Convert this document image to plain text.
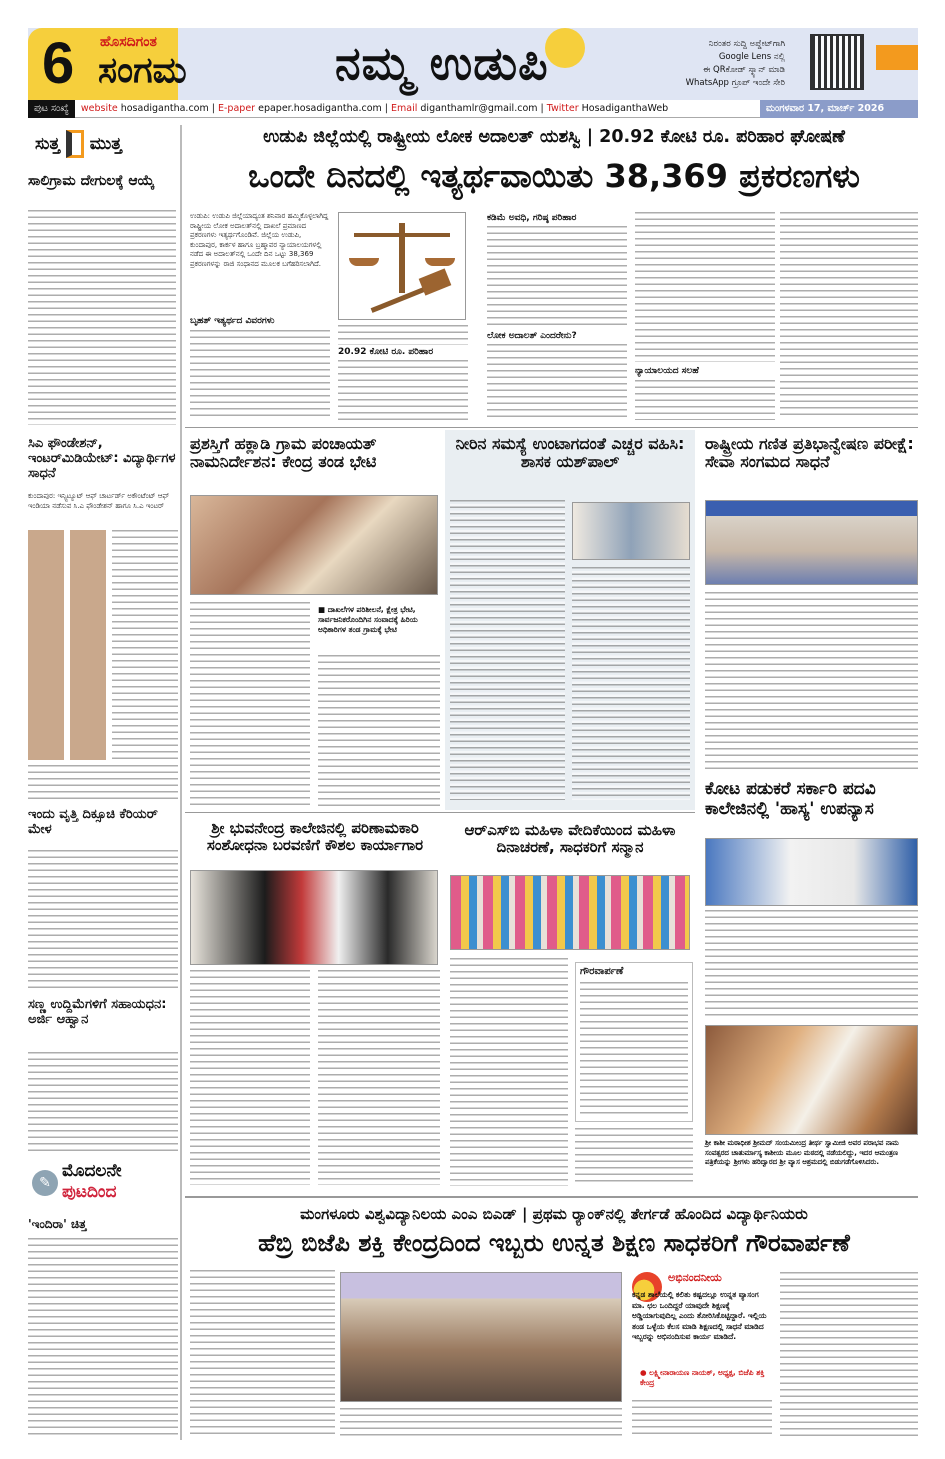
6 ಹೊಸದಿಗಂತ
ಸಂಗಮ	ನಮ್ಮ ಉಡುಪಿ	ನಿರಂತರ ಸುದ್ದಿ ಅಪ್ಡೇಟ್‌ಗಾಗಿ
Google Lens ನಲ್ಲಿ
ಈ QRಕೋಡ್ ಸ್ಕ್ಯಾನ್ ಮಾಡಿ
WhatsApp ಗ್ರೂಪ್ ಇಂದೇ ಸೇರಿ
ಪುಟ ಸಂಖ್ಯೆ website hosadigantha.com | E-paper epaper.hosadigantha.com | Email diganthamlr@gmail.com | Twitter HosadiganthaWeb	ಮಂಗಳವಾರ 17, ಮಾರ್ಚ್ 2026
ಸುತ್ತ ಮುತ್ತ
ಸಾಲಿಗ್ರಾಮ ದೇಗುಲಕ್ಕೆ ಆಯ್ಕೆ
ಸಿಎ ಫೌಂಡೇಶನ್, ಇಂಟರ್‌ಮಿಡಿಯೇಟ್: ವಿದ್ಯಾರ್ಥಿಗಳ ಸಾಧನೆ
ಕುಂದಾಪುರ: ಇನ್ಸ್ಟಿಟ್ಯೂಟ್ ಆಫ್ ಚಾರ್ಟರ್ಡ್ ಅಕೌಂಟೆಂಟ್ ಆಫ್ ಇಂಡಿಯಾ ನಡೆಸುವ ಸಿ.ಎ ಫೌಂಡೇಶನ್ ಹಾಗೂ ಸಿ.ಎ ಇಂಟರ್
ಇಂದು ವೃತ್ತಿ ದಿಕ್ಸೂಚಿ ಕೆರಿಯರ್ ಮೇಳ
ಸಣ್ಣ ಉದ್ದಿಮೆಗಳಿಗೆ ಸಹಾಯಧನ: ಅರ್ಜಿ ಆಹ್ವಾನ
✎
ಮೊದಲನೇ
ಪುಟದಿಂದ
'ಇಂದಿರಾ' ಚಿತ್ತ
ಉಡುಪಿ ಜಿಲ್ಲೆಯಲ್ಲಿ ರಾಷ್ಟ್ರೀಯ ಲೋಕ ಅದಾಲತ್ ಯಶಸ್ವಿ | 20.92 ಕೋಟಿ ರೂ. ಪರಿಹಾರ ಘೋಷಣೆ
ಒಂದೇ ದಿನದಲ್ಲಿ ಇತ್ಯರ್ಥವಾಯಿತು 38,369 ಪ್ರಕರಣಗಳು
ಉಡುಪಿ: ಉಡುಪಿ ಜಿಲ್ಲೆಯಾದ್ಯಂತ ಶನಿವಾರ ಹಮ್ಮಿಕೊಳ್ಳಲಾಗಿದ್ದ ರಾಷ್ಟ್ರೀಯ ಲೋಕ ಅದಾಲತ್‌ನಲ್ಲಿ ದಾಖಲೆ ಪ್ರಮಾಣದ ಪ್ರಕರಣಗಳು ಇತ್ಯರ್ಥಗೊಂಡಿವೆ. ಜಿಲ್ಲೆಯ ಉಡುಪಿ, ಕುಂದಾಪುರ, ಕಾರ್ಕಳ ಹಾಗೂ ಬ್ರಹ್ಮಾವರ ನ್ಯಾಯಾಲಯಗಳಲ್ಲಿ ನಡೆದ ಈ ಅದಾಲತ್‌ನಲ್ಲಿ ಒಂದೇ ದಿನ ಒಟ್ಟು 38,369 ಪ್ರಕರಣಗಳನ್ನು ರಾಜಿ ಸಂಧಾನದ ಮೂಲಕ ಬಗೆಹರಿಸಲಾಗಿದೆ.
ಬೃಹತ್ ಇತ್ಯರ್ಥದ ವಿವರಗಳು
20.92 ಕೋಟಿ ರೂ. ಪರಿಹಾರ
ಕಡಿಮೆ ಅವಧಿ, ಗರಿಷ್ಠ ಪರಿಹಾರ
ಲೋಕ ಅದಾಲತ್ ಎಂದರೇನು?
ನ್ಯಾಯಾಲಯದ ಸಲಹೆ
ಪ್ರಶಸ್ತಿಗೆ ಹಕ್ಲಾಡಿ ಗ್ರಾಮ ಪಂಚಾಯತ್ ನಾಮನಿರ್ದೇಶನ: ಕೇಂದ್ರ ತಂಡ ಭೇಟಿ
■ ದಾಖಲೆಗಳ ಪರಿಶೀಲನೆ, ಕ್ಷೇತ್ರ ಭೇಟಿ, ಸಾರ್ವಜನಿಕರೊಂದಿಗಿನ ಸಂವಾದಕ್ಕೆ ಹಿರಿಯ ಅಧಿಕಾರಿಗಳ ತಂಡ ಗ್ರಾಮಕ್ಕೆ ಭೇಟಿ
ನೀರಿನ ಸಮಸ್ಯೆ ಉಂಟಾಗದಂತೆ ಎಚ್ಚರ ವಹಿಸಿ: ಶಾಸಕ ಯಶ್‌ಪಾಲ್
ರಾಷ್ಟ್ರೀಯ ಗಣಿತ ಪ್ರತಿಭಾನ್ವೇಷಣ ಪರೀಕ್ಷೆ: ಸೇವಾ ಸಂಗಮದ ಸಾಧನೆ
ಶ್ರೀ ಭುವನೇಂದ್ರ ಕಾಲೇಜಿನಲ್ಲಿ ಪರಿಣಾಮಕಾರಿ ಸಂಶೋಧನಾ ಬರವಣಿಗೆ ಕೌಶಲ ಕಾರ್ಯಾಗಾರ
ಆರ್‌ಎಸ್‌ಬಿ ಮಹಿಳಾ ವೇದಿಕೆಯಿಂದ ಮಹಿಳಾ ದಿನಾಚರಣೆ, ಸಾಧಕರಿಗೆ ಸನ್ಮಾನ
ಗೌರವಾರ್ಪಣೆ
ಕೋಟ ಪಡುಕರೆ ಸರ್ಕಾರಿ ಪದವಿ ಕಾಲೇಜಿನಲ್ಲಿ 'ಹಾಸ್ಯ' ಉಪನ್ಯಾಸ
ಶ್ರೀ ಕಾಶೀ ಮಠಾಧೀಶ ಶ್ರೀಮದ್ ಸಂಯಮೀಂದ್ರ ತೀರ್ಥ ಸ್ವಾಮೀಜಿ ಅವರ ಪರಾಭವ ನಾಮ ಸಂವತ್ಸರದ ಚಾತುರ್ಮಾಸ್ಯ ಕಾಶೀಯ ಮೂಲ ಮಠದಲ್ಲಿ ನಡೆಯಲಿದ್ದು, ಇದರ ಆಮಂತ್ರಣ ಪತ್ರಿಕೆಯನ್ನು ಶ್ರೀಗಳು ಹರಿದ್ವಾರದ ಶ್ರೀ ವ್ಯಾಸ ಆಶ್ರಮದಲ್ಲಿ ಬಿಡುಗಡೆಗೊಳಿಸಿದರು.
ಮಂಗಳೂರು ವಿಶ್ವವಿದ್ಯಾನಿಲಯ ಎಂಎ ಬಿಎಡ್ | ಪ್ರಥಮ ರ್‍ಯಾಂಕ್‌ನಲ್ಲಿ ತೇರ್ಗಡೆ ಹೊಂದಿದ ವಿದ್ಯಾರ್ಥಿನಿಯರು
ಹೆಬ್ರಿ ಬಿಜೆಪಿ ಶಕ್ತಿ ಕೇಂದ್ರದಿಂದ ಇಬ್ಬರು ಉನ್ನತ ಶಿಕ್ಷಣ ಸಾಧಕರಿಗೆ ಗೌರವಾರ್ಪಣೆ
ಅಭಿನಂದನೀಯ
ಕನ್ನಡ ಶಾಲೆಯಲ್ಲಿ ಕಲಿತು ಕಷ್ಟದಲ್ಲೂ ಉನ್ನತ ವ್ಯಾಸಂಗ ಮಾ. ಛಲ ಒಂದಿದ್ದರೆ ಯಾವುದೇ ಶಿಕ್ಷಣಕ್ಕೆ ಅಡ್ಡಿಯಾಗುವುದಿಲ್ಲ ಎಂದು ತೋರಿಸಿಕೊಟ್ಟಿದ್ದಾರೆ. ಇಲ್ಲಿಯ ತಂಡ ಒಳ್ಳೆಯ ಕೆಲಸ ಮಾಡಿ ಶಿಕ್ಷಣದಲ್ಲಿ ಸಾಧನೆ ಮಾಡಿದ ಇಬ್ಬರನ್ನು ಅಭಿನಂದಿಸುವ ಕಾರ್ಯ ಮಾಡಿದೆ.
● ಲಕ್ಷ್ಮೀನಾರಾಯಣ ನಾಯಕ್, ಅಧ್ಯಕ್ಷ, ಬಿಜೆಪಿ ಶಕ್ತಿ ಕೇಂದ್ರ
